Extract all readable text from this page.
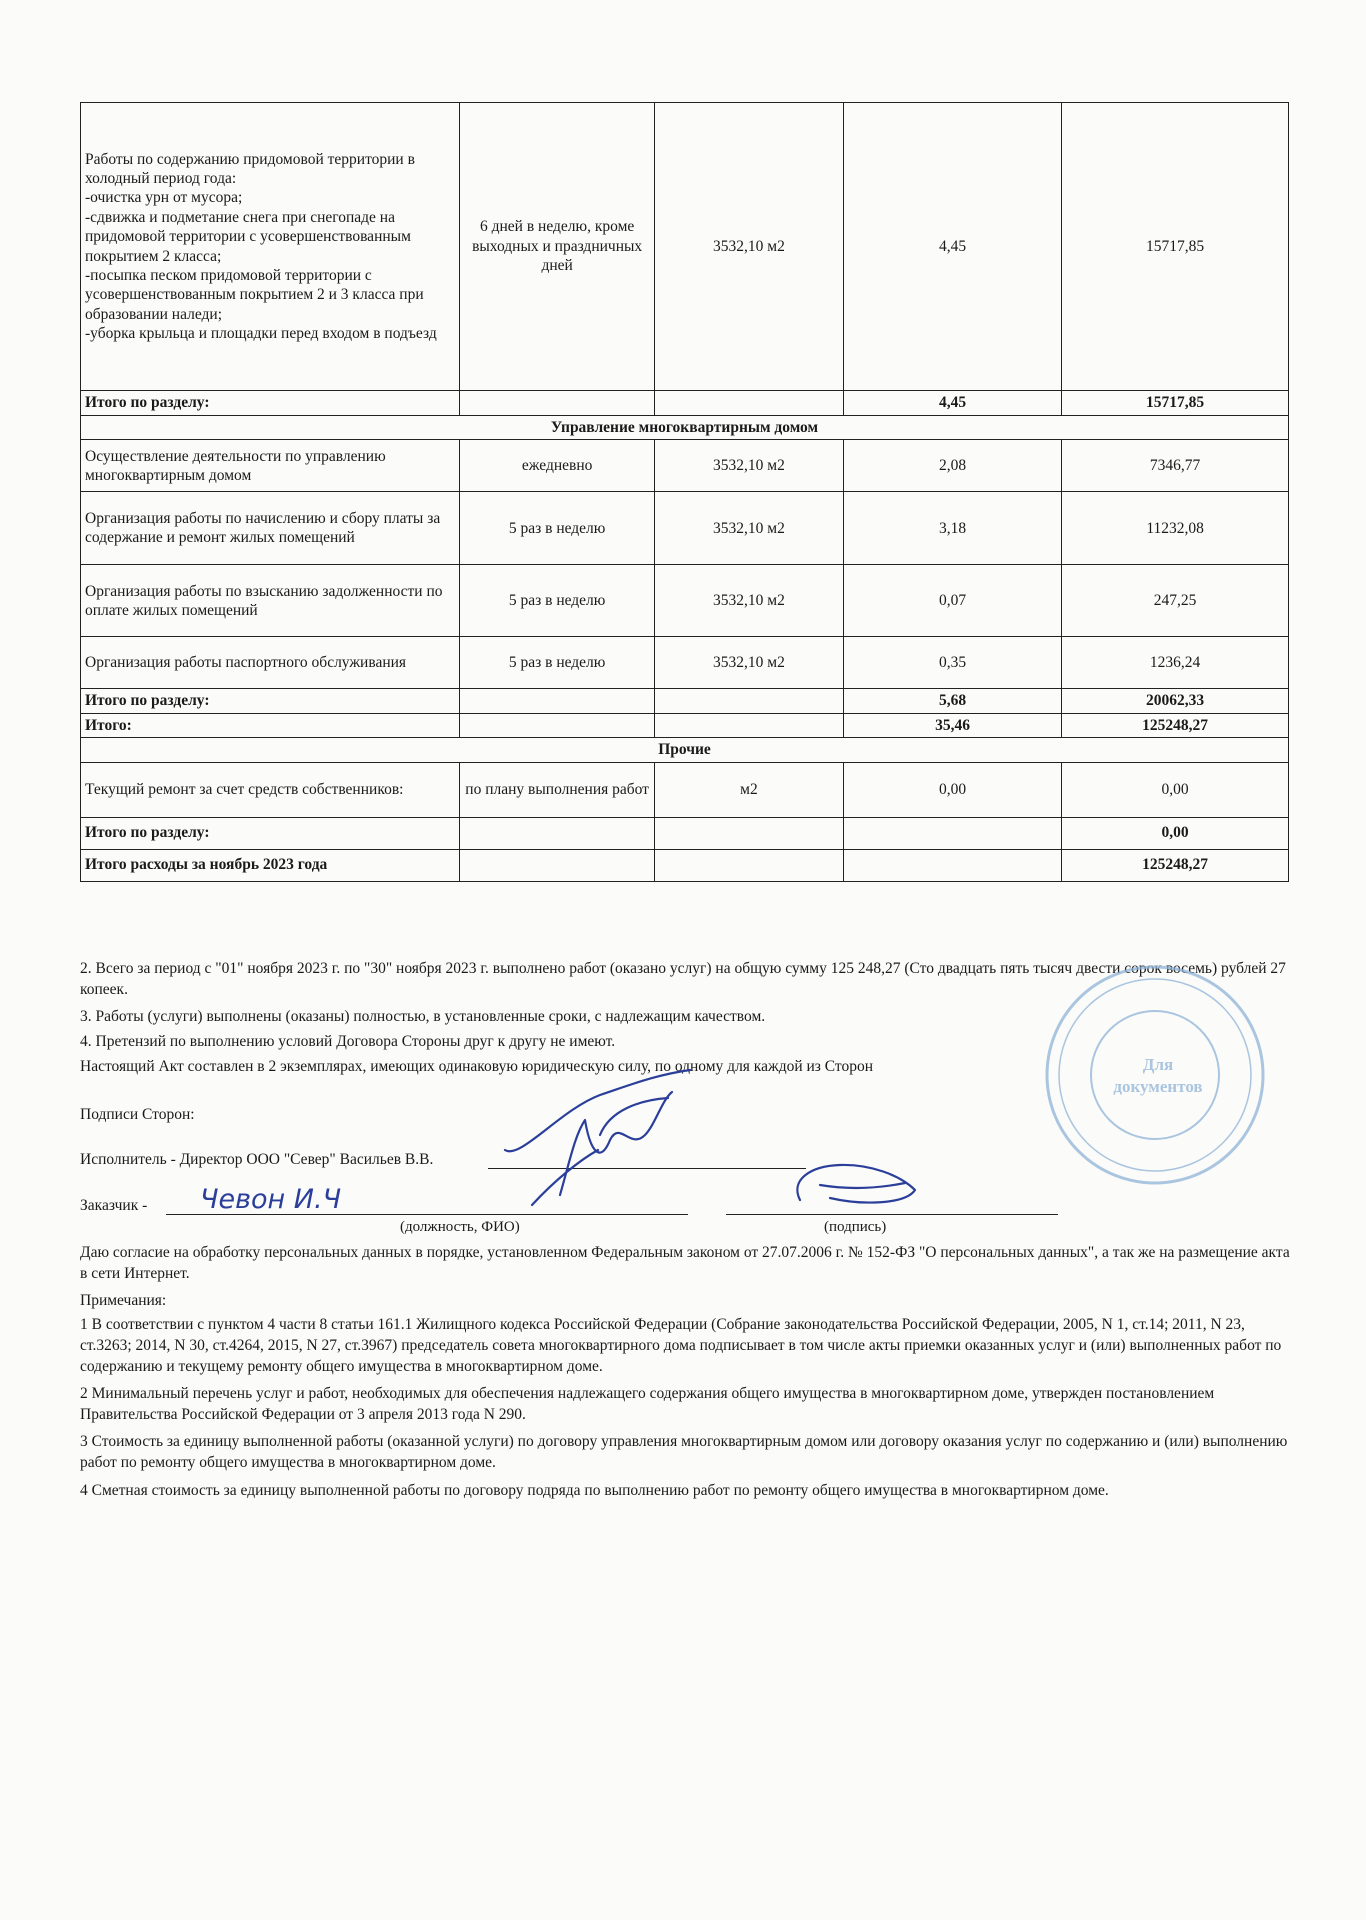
Работы по содержанию придомовой территории в холодный период года:
-очистка урн от мусора;
-сдвижка и подметание снега при снегопаде на придомовой территории с усовершенствованным покрытием 2 класса;
-посыпка песком придомовой территории с усовершенствованным покрытием 2 и 3 класса при образовании наледи;
-уборка крыльца и площадки перед входом в подъезд	6 дней в неделю, кроме выходных и праздничных дней	3532,10 м2	4,45	15717,85
Итого по разделу:			4,45	15717,85
Управление многоквартирным домом				
Осуществление деятельности по управлению многоквартирным домом	ежедневно	3532,10 м2	2,08	7346,77
Организация работы по начислению и сбору платы за содержание и ремонт жилых помещений	5 раз в неделю	3532,10 м2	3,18	11232,08
Организация работы по взысканию задолженности по оплате жилых помещений	5 раз в неделю	3532,10 м2	0,07	247,25
Организация работы паспортного обслуживания	5 раз в неделю	3532,10 м2	0,35	1236,24
Итого по разделу:			5,68	20062,33
Итого:			35,46	125248,27
Прочие				
Текущий ремонт за счет средств собственников:	по плану выполнения работ	м2	0,00	0,00
Итого по разделу:				0,00
Итого расходы за ноябрь 2023 года				125248,27
2. Всего за период с "01" ноября 2023 г. по "30" ноября 2023 г. выполнено работ (оказано услуг) на общую сумму 125 248,27 (Сто двадцать пять тысяч двести сорок восемь) рублей 27 копеек.
3. Работы (услуги) выполнены (оказаны) полностью, в установленные сроки, с надлежащим качеством.
4. Претензий по выполнению условий Договора Стороны друг к другу не имеют.
Настоящий Акт составлен в 2 экземплярах, имеющих одинаковую юридическую силу, по одному для каждой из Сторон
Подписи Сторон:
Исполнитель - Директор ООО "Север" Васильев В.В.
Заказчик -
(должность, ФИО)	(подпись)
Даю согласие на обработку персональных данных в порядке, установленном Федеральным законом от 27.07.2006 г. № 152-ФЗ "О персональных данных", а так же на размещение акта в сети Интернет.
Примечания:
1 В соответствии с пунктом 4 части 8 статьи 161.1 Жилищного кодекса Российской Федерации (Собрание законодательства Российской Федерации, 2005, N 1, ст.14; 2011, N 23, ст.3263; 2014, N 30, ст.4264, 2015, N 27, ст.3967) председатель совета многоквартирного дома подписывает в том числе акты приемки оказанных услуг и (или) выполненных работ по содержанию и текущему ремонту общего имущества в многоквартирном доме.
2 Минимальный перечень услуг и работ, необходимых для обеспечения надлежащего содержания общего имущества в многоквартирном доме, утвержден постановлением Правительства Российской Федерации от 3 апреля 2013 года N 290.
3 Стоимость за единицу выполненной работы (оказанной услуги) по договору управления многоквартирным домом или договору оказания услуг по содержанию и (или) выполнению работ по ремонту общего имущества в многоквартирном доме.
4 Сметная стоимость за единицу выполненной работы по договору подряда по выполнению работ по ремонту общего имущества в многоквартирном доме.
Для
документов
Чевон И.Ч
